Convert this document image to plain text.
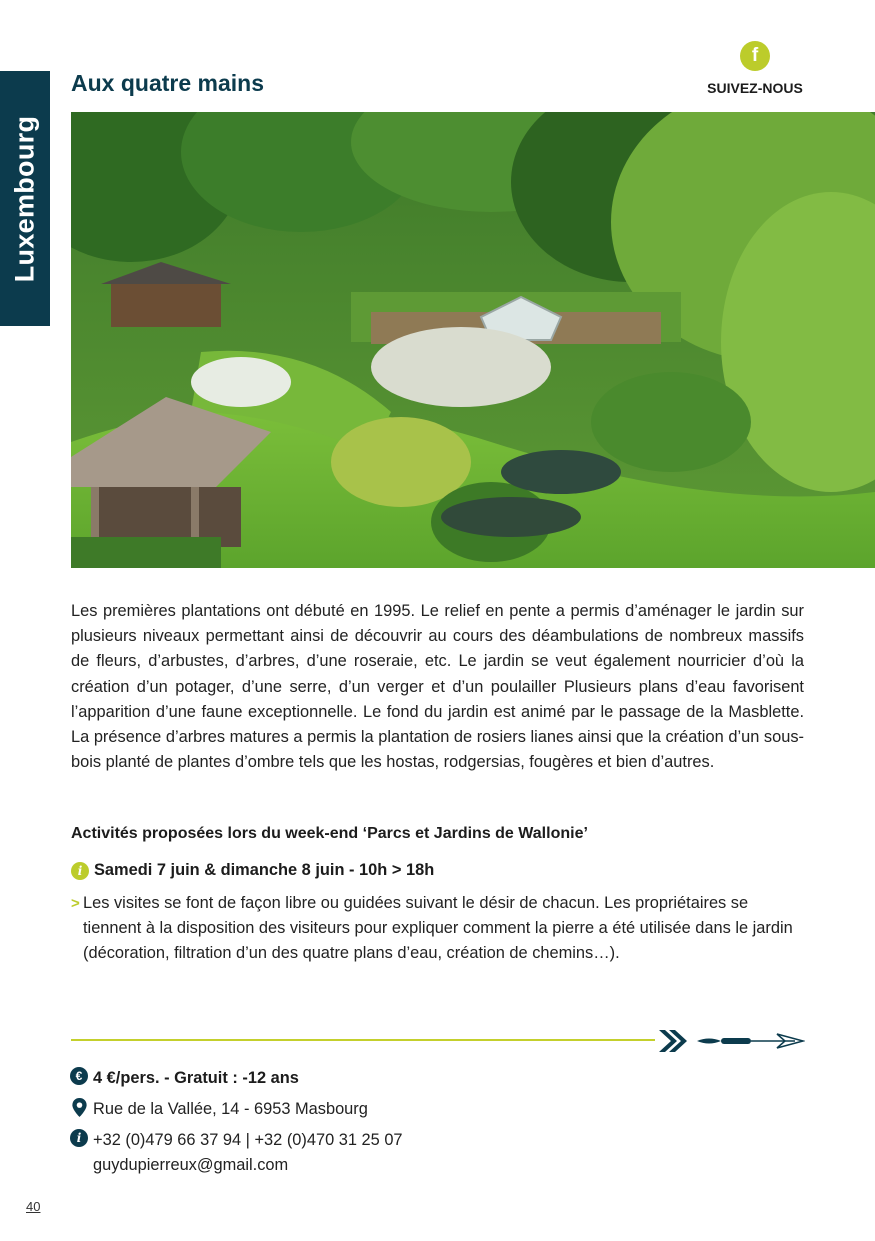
Luxembourg
Aux quatre mains
f
SUIVEZ-NOUS

Les premières plantations ont débuté en 1995. Le relief en pente a permis d’aménager le jardin sur plusieurs niveaux permettant ainsi de découvrir au cours des déambulations de nombreux massifs de fleurs, d’arbustes, d’arbres, d’une roseraie, etc. Le jardin se veut également nourricier d’où la création d’un potager, d’une serre, d’un verger et d’un poulailler Plusieurs plans d’eau favorisent l’apparition d’une faune exceptionnelle. Le fond du jardin est animé par le passage de la Masblette. La présence d’arbres matures a permis la plantation de rosiers lianes ainsi que la création d’un sous-bois planté de plantes d’ombre tels que les hostas, rodgersias, fougères et bien d’autres.

Activités proposées lors du week-end ‘Parcs et Jardins de Wallonie’
i Samedi 7 juin & dimanche 8 juin - 10h > 18h
> Les visites se font de façon libre ou guidées suivant le désir de chacun. Les propriétaires se tiennent à la disposition des visiteurs pour expliquer comment la pierre a été utilisée dans le jardin (décoration, filtration d’un des quatre plans d’eau, création de chemins…).

€ 4 €/pers. - Gratuit : -12 ans
Rue de la Vallée, 14 - 6953 Masbourg
i +32 (0)479 66 37 94 | +32 (0)470 31 25 07
guydupierreux@gmail.com
40
